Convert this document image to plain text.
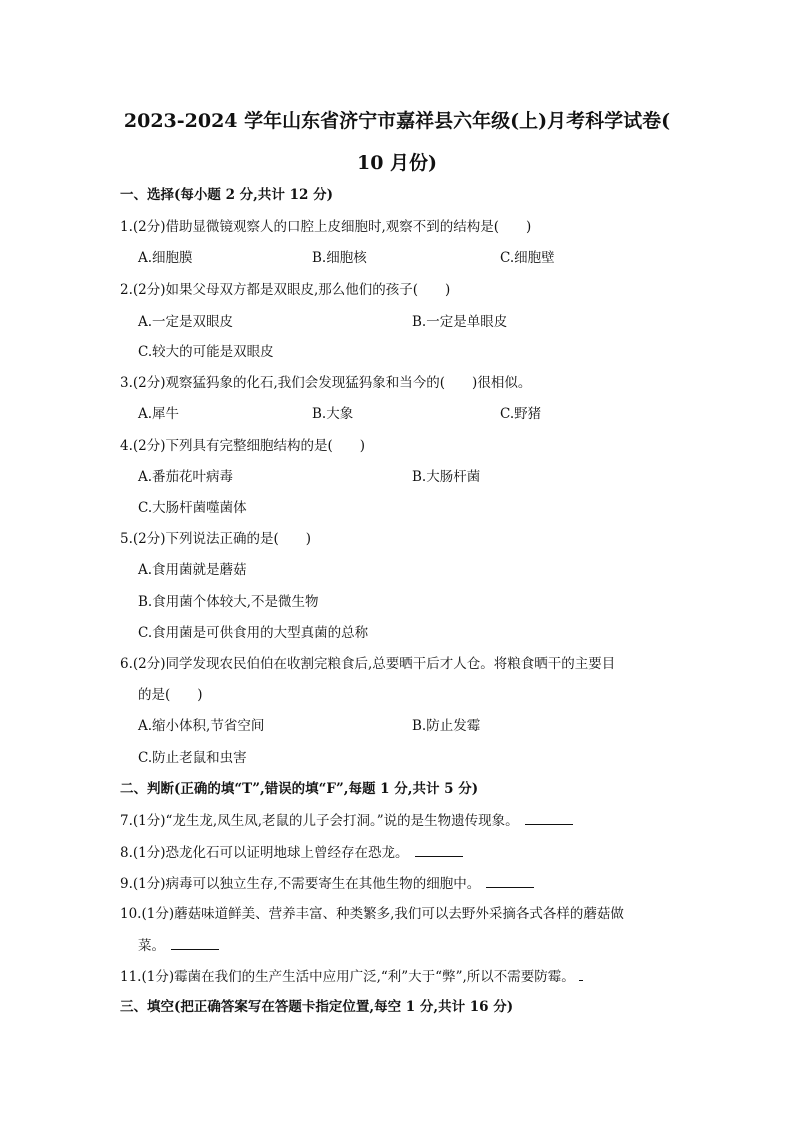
2023-2024 学年山东省济宁市嘉祥县六年级(上)月考科学试卷(
10 月份)
一、选择(每小题 2 分,共计 12 分)
1.(2分)借助显微镜观察人的口腔上皮细胞时,观察不到的结构是(　　)
A.细胞膜	B.细胞核	C.细胞壁
2.(2分)如果父母双方都是双眼皮,那么他们的孩子(　　)
A.一定是双眼皮	B.一定是单眼皮
C.较大的可能是双眼皮
3.(2分)观察猛犸象的化石,我们会发现猛犸象和当今的(　　)很相似。
A.犀牛	B.大象	C.野猪
4.(2分)下列具有完整细胞结构的是(　　)
A.番茄花叶病毒	B.大肠杆菌
C.大肠杆菌噬菌体
5.(2分)下列说法正确的是(　　)
A.食用菌就是蘑菇
B.食用菌个体较大,不是微生物
C.食用菌是可供食用的大型真菌的总称
6.(2分)同学发现农民伯伯在收割完粮食后,总要晒干后才人仓。将粮食晒干的主要目
的是(　　)
A.缩小体积,节省空间	B.防止发霉
C.防止老鼠和虫害
二、判断(正确的填“T”,错误的填“F”,每题 1 分,共计 5 分)
7.(1分)“龙生龙,凤生凤,老鼠的儿子会打洞。”说的是生物遗传现象。
8.(1分)恐龙化石可以证明地球上曾经存在恐龙。
9.(1分)病毒可以独立生存,不需要寄生在其他生物的细胞中。
10.(1分)蘑菇味道鲜美、营养丰富、种类繁多,我们可以去野外采摘各式各样的蘑菇做
菜。
11.(1分)霉菌在我们的生产生活中应用广泛,“利”大于“弊”,所以不需要防霉。
三、填空(把正确答案写在答题卡指定位置,每空 1 分,共计 16 分)
